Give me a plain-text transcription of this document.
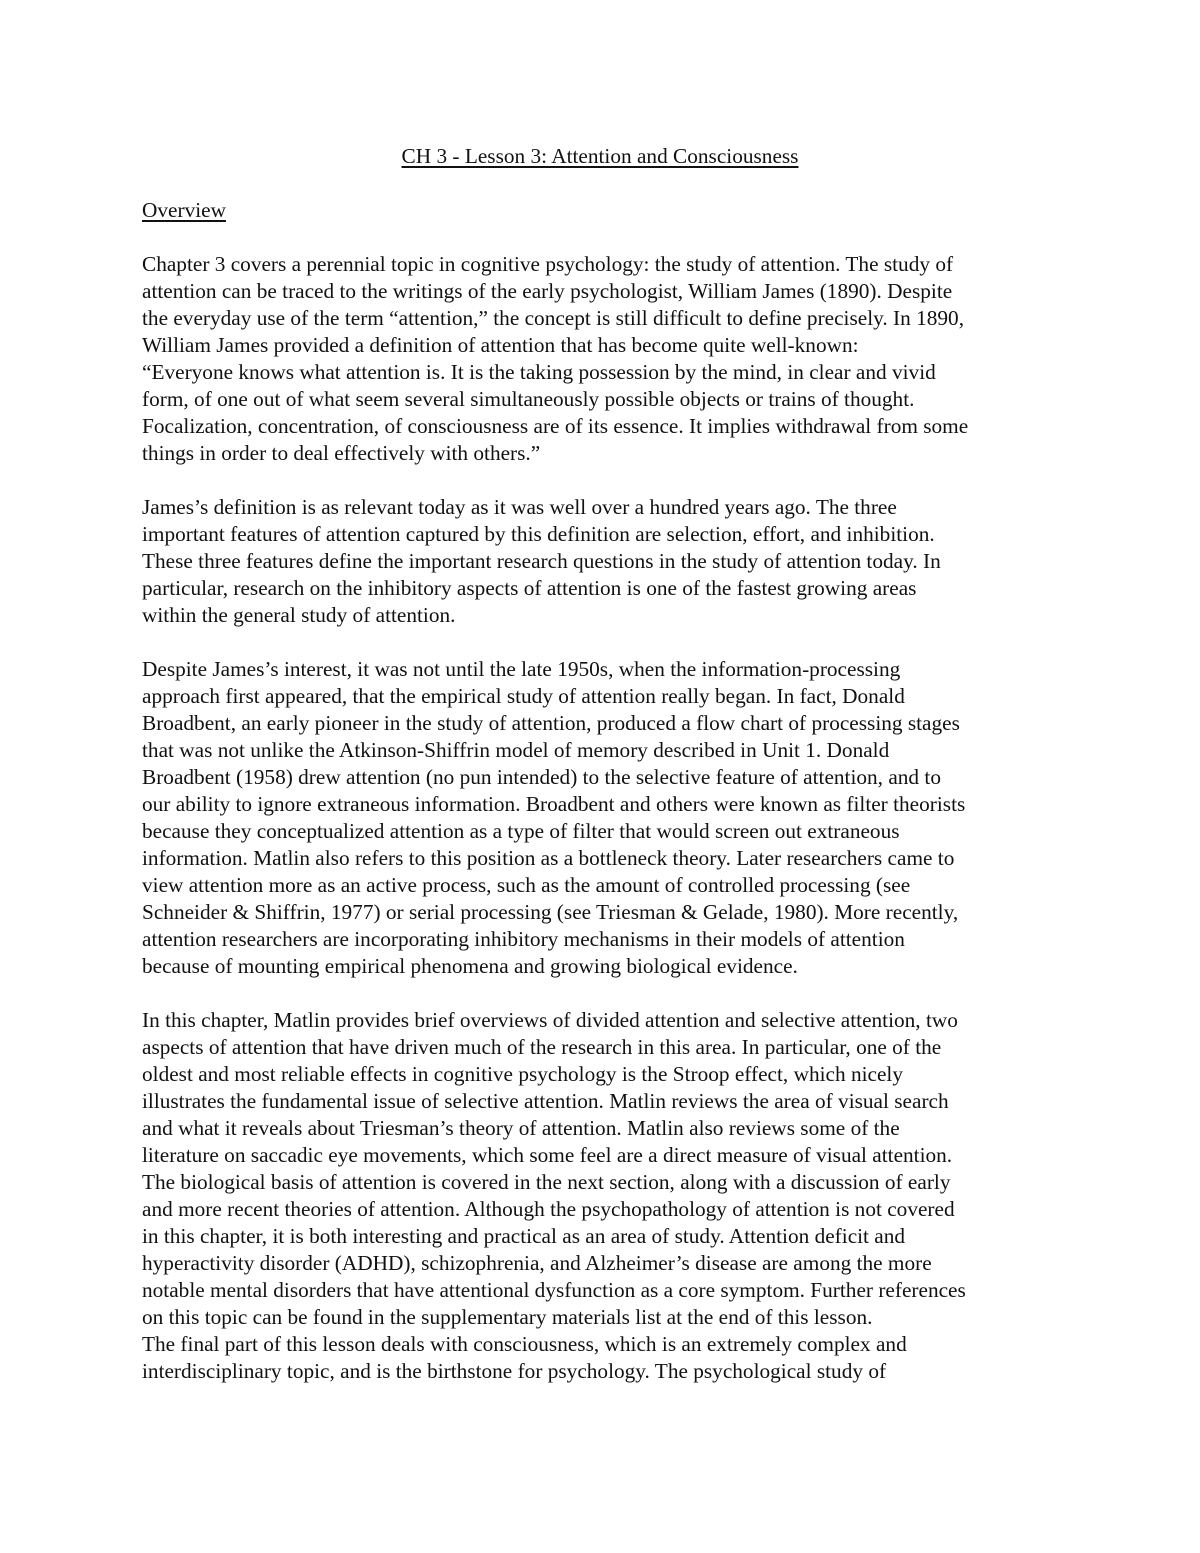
CH 3 - Lesson 3: Attention and Consciousness
Overview
Chapter 3 covers a perennial topic in cognitive psychology: the study of attention. The study of
attention can be traced to the writings of the early psychologist, William James (1890). Despite
the everyday use of the term “attention,” the concept is still difficult to define precisely. In 1890,
William James provided a definition of attention that has become quite well-known:
“Everyone knows what attention is. It is the taking possession by the mind, in clear and vivid
form, of one out of what seem several simultaneously possible objects or trains of thought.
Focalization, concentration, of consciousness are of its essence. It implies withdrawal from some
things in order to deal effectively with others.”
James’s definition is as relevant today as it was well over a hundred years ago. The three
important features of attention captured by this definition are selection, effort, and inhibition.
These three features define the important research questions in the study of attention today. In
particular, research on the inhibitory aspects of attention is one of the fastest growing areas
within the general study of attention.
Despite James’s interest, it was not until the late 1950s, when the information-processing
approach first appeared, that the empirical study of attention really began. In fact, Donald
Broadbent, an early pioneer in the study of attention, produced a flow chart of processing stages
that was not unlike the Atkinson-Shiffrin model of memory described in Unit 1. Donald
Broadbent (1958) drew attention (no pun intended) to the selective feature of attention, and to
our ability to ignore extraneous information. Broadbent and others were known as filter theorists
because they conceptualized attention as a type of filter that would screen out extraneous
information. Matlin also refers to this position as a bottleneck theory. Later researchers came to
view attention more as an active process, such as the amount of controlled processing (see
Schneider & Shiffrin, 1977) or serial processing (see Triesman & Gelade, 1980). More recently,
attention researchers are incorporating inhibitory mechanisms in their models of attention
because of mounting empirical phenomena and growing biological evidence.
In this chapter, Matlin provides brief overviews of divided attention and selective attention, two
aspects of attention that have driven much of the research in this area. In particular, one of the
oldest and most reliable effects in cognitive psychology is the Stroop effect, which nicely
illustrates the fundamental issue of selective attention. Matlin reviews the area of visual search
and what it reveals about Triesman’s theory of attention. Matlin also reviews some of the
literature on saccadic eye movements, which some feel are a direct measure of visual attention.
The biological basis of attention is covered in the next section, along with a discussion of early
and more recent theories of attention. Although the psychopathology of attention is not covered
in this chapter, it is both interesting and practical as an area of study. Attention deficit and
hyperactivity disorder (ADHD), schizophrenia, and Alzheimer’s disease are among the more
notable mental disorders that have attentional dysfunction as a core symptom. Further references
on this topic can be found in the supplementary materials list at the end of this lesson.
The final part of this lesson deals with consciousness, which is an extremely complex and
interdisciplinary topic, and is the birthstone for psychology. The psychological study of
